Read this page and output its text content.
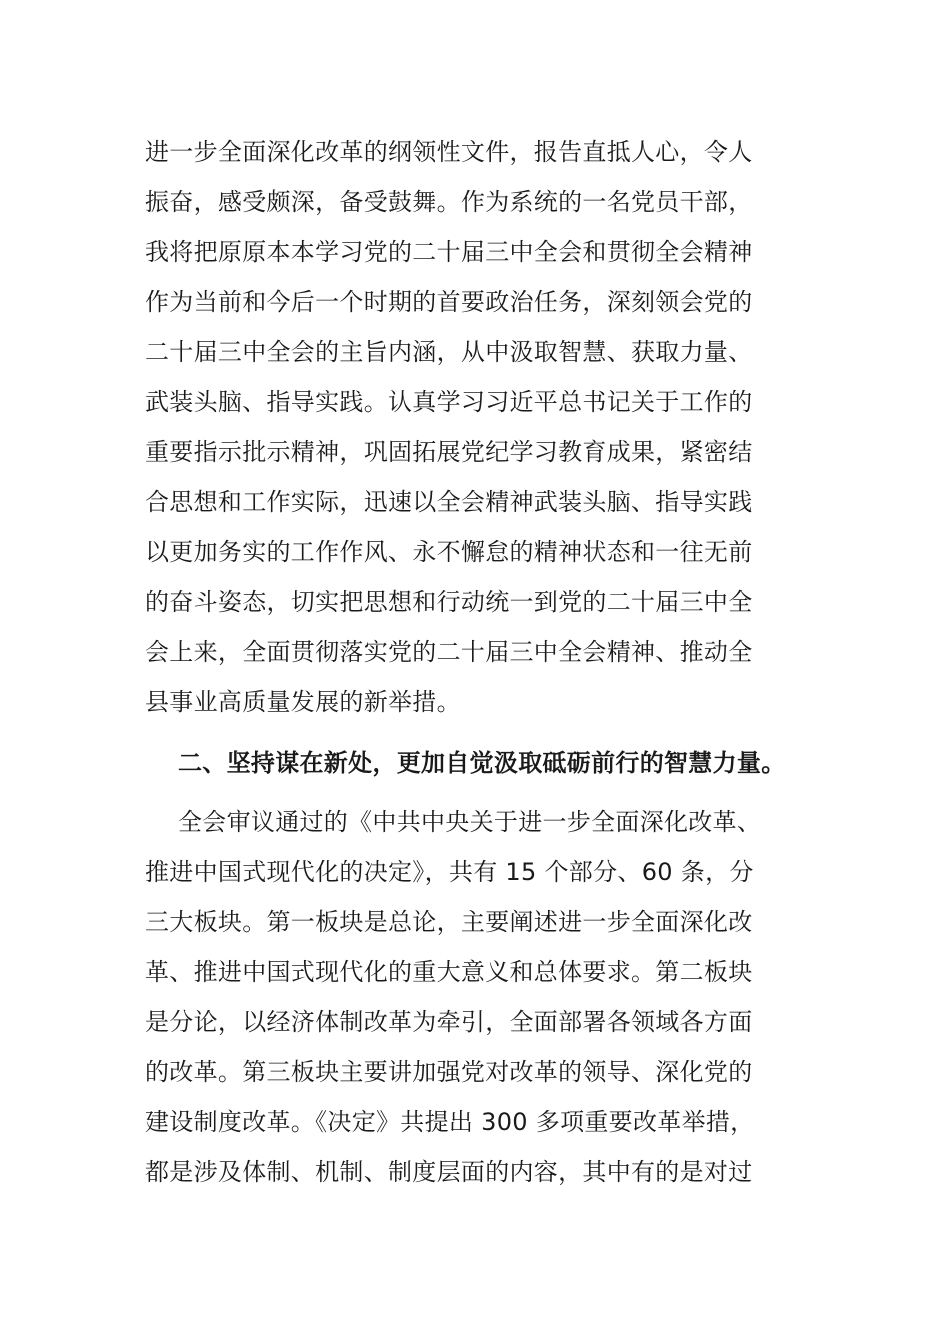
进一步全面深化改革的纲领性文件，报告直抵人心，令人
振奋，感受颇深，备受鼓舞。作为系统的一名党员干部，
我将把原原本本学习党的二十届三中全会和贯彻全会精神
作为当前和今后一个时期的首要政治任务，深刻领会党的
二十届三中全会的主旨内涵，从中汲取智慧、获取力量、
武装头脑、指导实践。认真学习习近平总书记关于工作的
重要指示批示精神，巩固拓展党纪学习教育成果，紧密结
合思想和工作实际，迅速以全会精神武装头脑、指导实践
以更加务实的工作作风、永不懈怠的精神状态和一往无前
的奋斗姿态，切实把思想和行动统一到党的二十届三中全
会上来，全面贯彻落实党的二十届三中全会精神、推动全
县事业高质量发展的新举措。
二、坚持谋在新处，更加自觉汲取砥砺前行的智慧力量。
全会审议通过的《中共中央关于进一步全面深化改革、
推进中国式现代化的决定》，共有 15 个部分、60 条，分
三大板块。第一板块是总论，主要阐述进一步全面深化改
革、推进中国式现代化的重大意义和总体要求。第二板块
是分论，以经济体制改革为牵引，全面部署各领域各方面
的改革。第三板块主要讲加强党对改革的领导、深化党的
建设制度改革。《决定》共提出 300 多项重要改革举措，
都是涉及体制、机制、制度层面的内容，其中有的是对过
